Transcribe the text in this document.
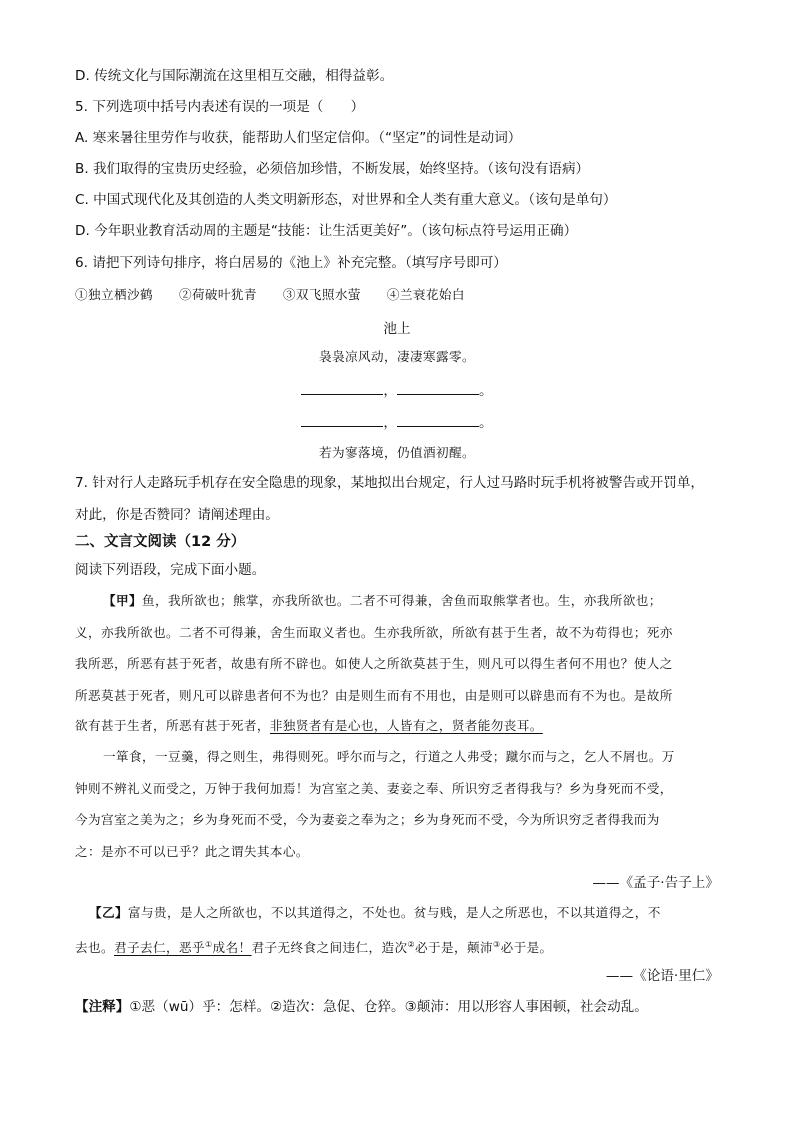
D. 传统文化与国际潮流在这里相互交融，相得益彰。
5. 下列选项中括号内表述有误的一项是（　　）
A. 寒来暑往里劳作与收获，能帮助人们坚定信仰。（“坚定”的词性是动词）
B. 我们取得的宝贵历史经验，必须倍加珍惜，不断发展，始终坚持。（该句没有语病）
C. 中国式现代化及其创造的人类文明新形态，对世界和全人类有重大意义。（该句是单句）
D. 今年职业教育活动周的主题是“技能：让生活更美好”。（该句标点符号运用正确）
6. 请把下列诗句排序，将白居易的《池上》补充完整。（填写序号即可）
①独立栖沙鹤　　②荷破叶犹青　　③双飞照水萤　　④兰衰花始白
池上
袅袅凉风动，凄凄寒露零。
，	。
，	。
若为寥落境，仍值酒初醒。
7. 针对行人走路玩手机存在安全隐患的现象，某地拟出台规定，行人过马路时玩手机将被警告或开罚单，
对此，你是否赞同？请阐述理由。
二、文言文阅读（12 分）
阅读下列语段，完成下面小题。
【甲】鱼，我所欲也；熊掌，亦我所欲也。二者不可得兼，舍鱼而取熊掌者也。生，亦我所欲也；
义，亦我所欲也。二者不可得兼，舍生而取义者也。生亦我所欲，所欲有甚于生者，故不为苟得也；死亦
我所恶，所恶有甚于死者，故患有所不辟也。如使人之所欲莫甚于生，则凡可以得生者何不用也？使人之
所恶莫甚于死者，则凡可以辟患者何不为也？由是则生而有不用也，由是则可以辟患而有不为也。是故所
欲有甚于生者，所恶有甚于死者，非独贤者有是心也，人皆有之，贤者能勿丧耳。
一箪食，一豆羹，得之则生，弗得则死。呼尔而与之，行道之人弗受；蹴尔而与之，乞人不屑也。万
钟则不辨礼义而受之，万钟于我何加焉！为宫室之美、妻妾之奉、所识穷乏者得我与？乡为身死而不受，
今为宫室之美为之；乡为身死而不受，今为妻妾之奉为之；乡为身死而不受，今为所识穷乏者得我而为
之：是亦不可以已乎？此之谓失其本心。
——《孟子·告子上》
【乙】富与贵，是人之所欲也，不以其道得之，不处也。贫与贱，是人之所恶也，不以其道得之，不
去也。君子去仁，恶乎①成名！君子无终食之间违仁，造次②必于是，颠沛③必于是。
——《论语·里仁》
【注释】①恶（wū）乎：怎样。②造次：急促、仓猝。③颠沛：用以形容人事困顿，社会动乱。
